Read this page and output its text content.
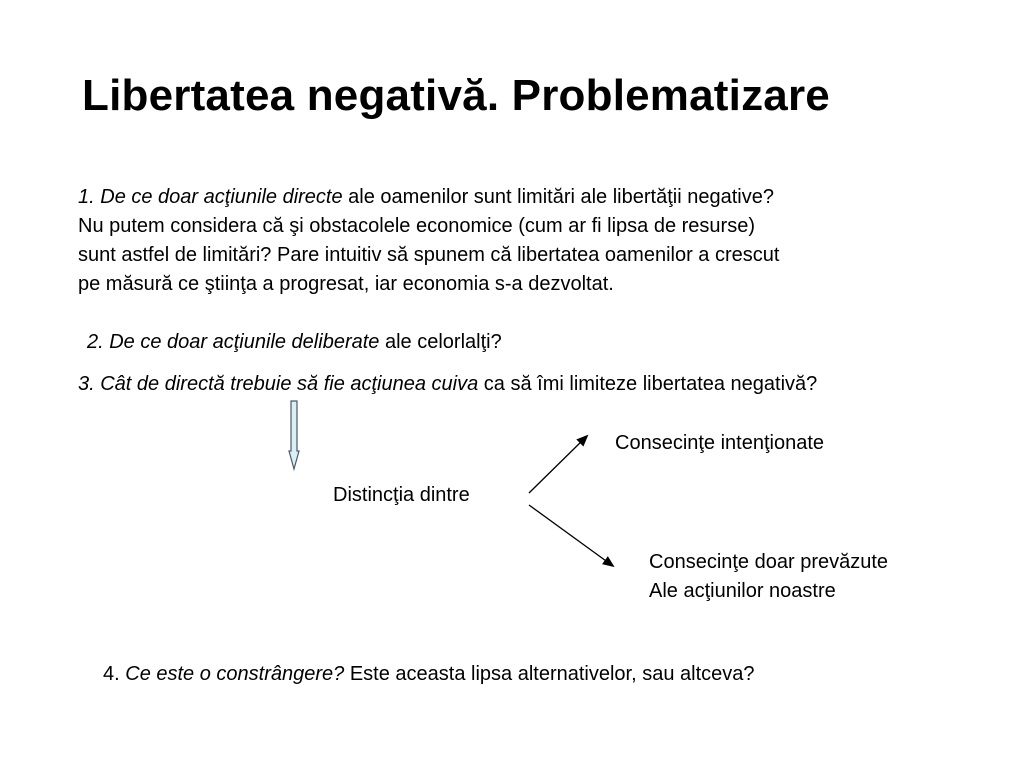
Libertatea negativă. Problematizare
1. De ce doar acţiunile directe ale oamenilor sunt limitări ale libertăţii negative?
Nu putem considera că şi obstacolele economice (cum ar fi lipsa de resurse)
sunt astfel de limitări? Pare intuitiv să spunem că libertatea oamenilor a crescut
pe măsură ce ştiinţa a progresat, iar economia s-a dezvoltat.
2. De ce doar acţiunile deliberate ale celorlalţi?
3. Cât de directă trebuie să fie acţiunea cuiva ca să îmi limiteze libertatea negativă?
Distincţia dintre
Consecinţe intenţionate
Consecinţe doar prevăzute
Ale acţiunilor noastre
4. Ce este o constrângere? Este aceasta lipsa alternativelor, sau altceva?
